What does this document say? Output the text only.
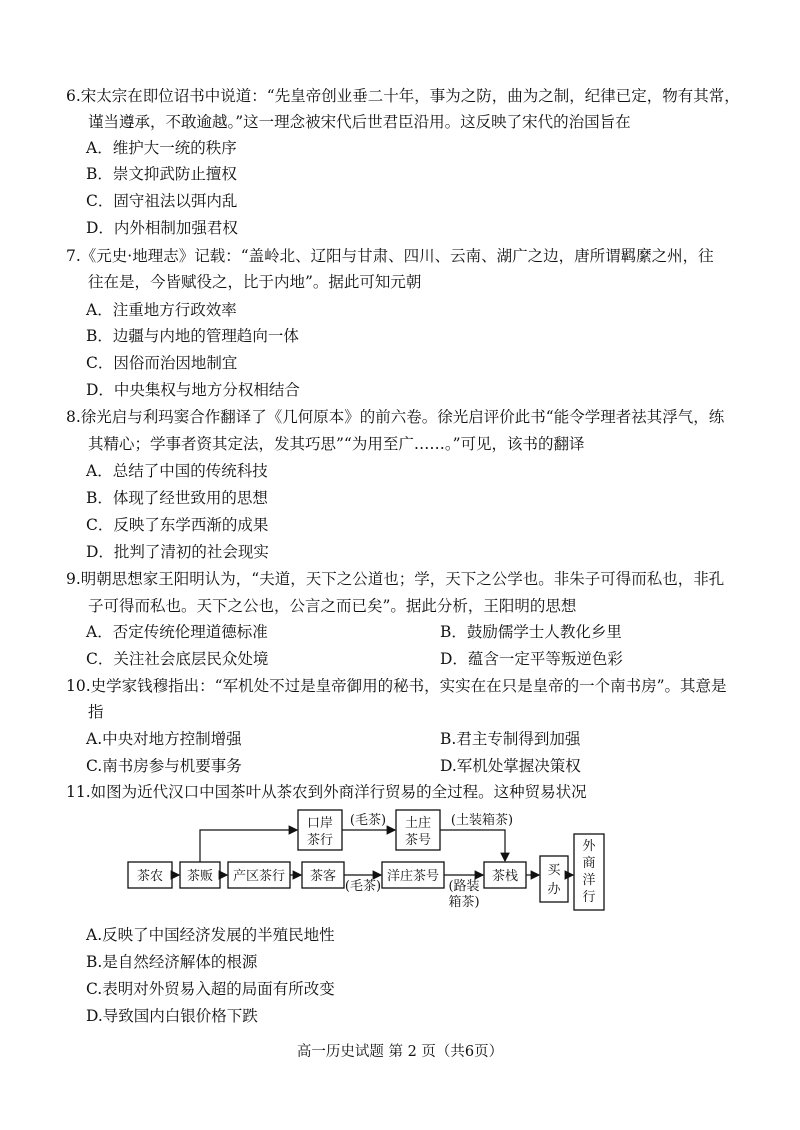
6.宋太宗在即位诏书中说道：“先皇帝创业垂二十年，事为之防，曲为之制，纪律已定，物有其常，
谨当遵承，不敢逾越。”这一理念被宋代后世君臣沿用。这反映了宋代的治国旨在
A．维护大一统的秩序
B．崇文抑武防止擅权
C．固守祖法以弭内乱
D．内外相制加强君权
7.《元史·地理志》记载：“盖岭北、辽阳与甘肃、四川、云南、湖广之边，唐所谓羁縻之州，往
往在是，今皆赋役之，比于内地”。据此可知元朝
A．注重地方行政效率
B．边疆与内地的管理趋向一体
C．因俗而治因地制宜
D．中央集权与地方分权相结合
8.徐光启与利玛窦合作翻译了《几何原本》的前六卷。徐光启评价此书“能令学理者祛其浮气，练
其精心；学事者资其定法，发其巧思”“为用至广……。”可见，该书的翻译
A．总结了中国的传统科技
B．体现了经世致用的思想
C．反映了东学西渐的成果
D．批判了清初的社会现实
9.明朝思想家王阳明认为，“夫道，天下之公道也；学，天下之公学也。非朱子可得而私也，非孔
子可得而私也。天下之公也，公言之而已矣”。据此分析，王阳明的思想
A．否定传统伦理道德标准	B．鼓励儒学士人教化乡里
C．关注社会底层民众处境	D．蕴含一定平等叛逆色彩
10.史学家钱穆指出：“军机处不过是皇帝御用的秘书，实实在在只是皇帝的一个南书房”。其意是
指
A.中央对地方控制增强	B.君主专制得到加强
C.南书房参与机要事务	D.军机处掌握决策权
11.如图为近代汉口中国茶叶从茶农到外商洋行贸易的全过程。这种贸易状况
茶农 茶贩 产区茶行 茶客
口岸
茶行
土庄
茶号
洋庄茶号	茶栈 买
办
外
商
洋
行
(毛茶)	(土装箱茶)
(毛茶)	(路装
箱茶)
A.反映了中国经济发展的半殖民地性
B.是自然经济解体的根源
C.表明对外贸易入超的局面有所改变
D.导致国内白银价格下跌
高一历史试题 第 2 页（共6页）
